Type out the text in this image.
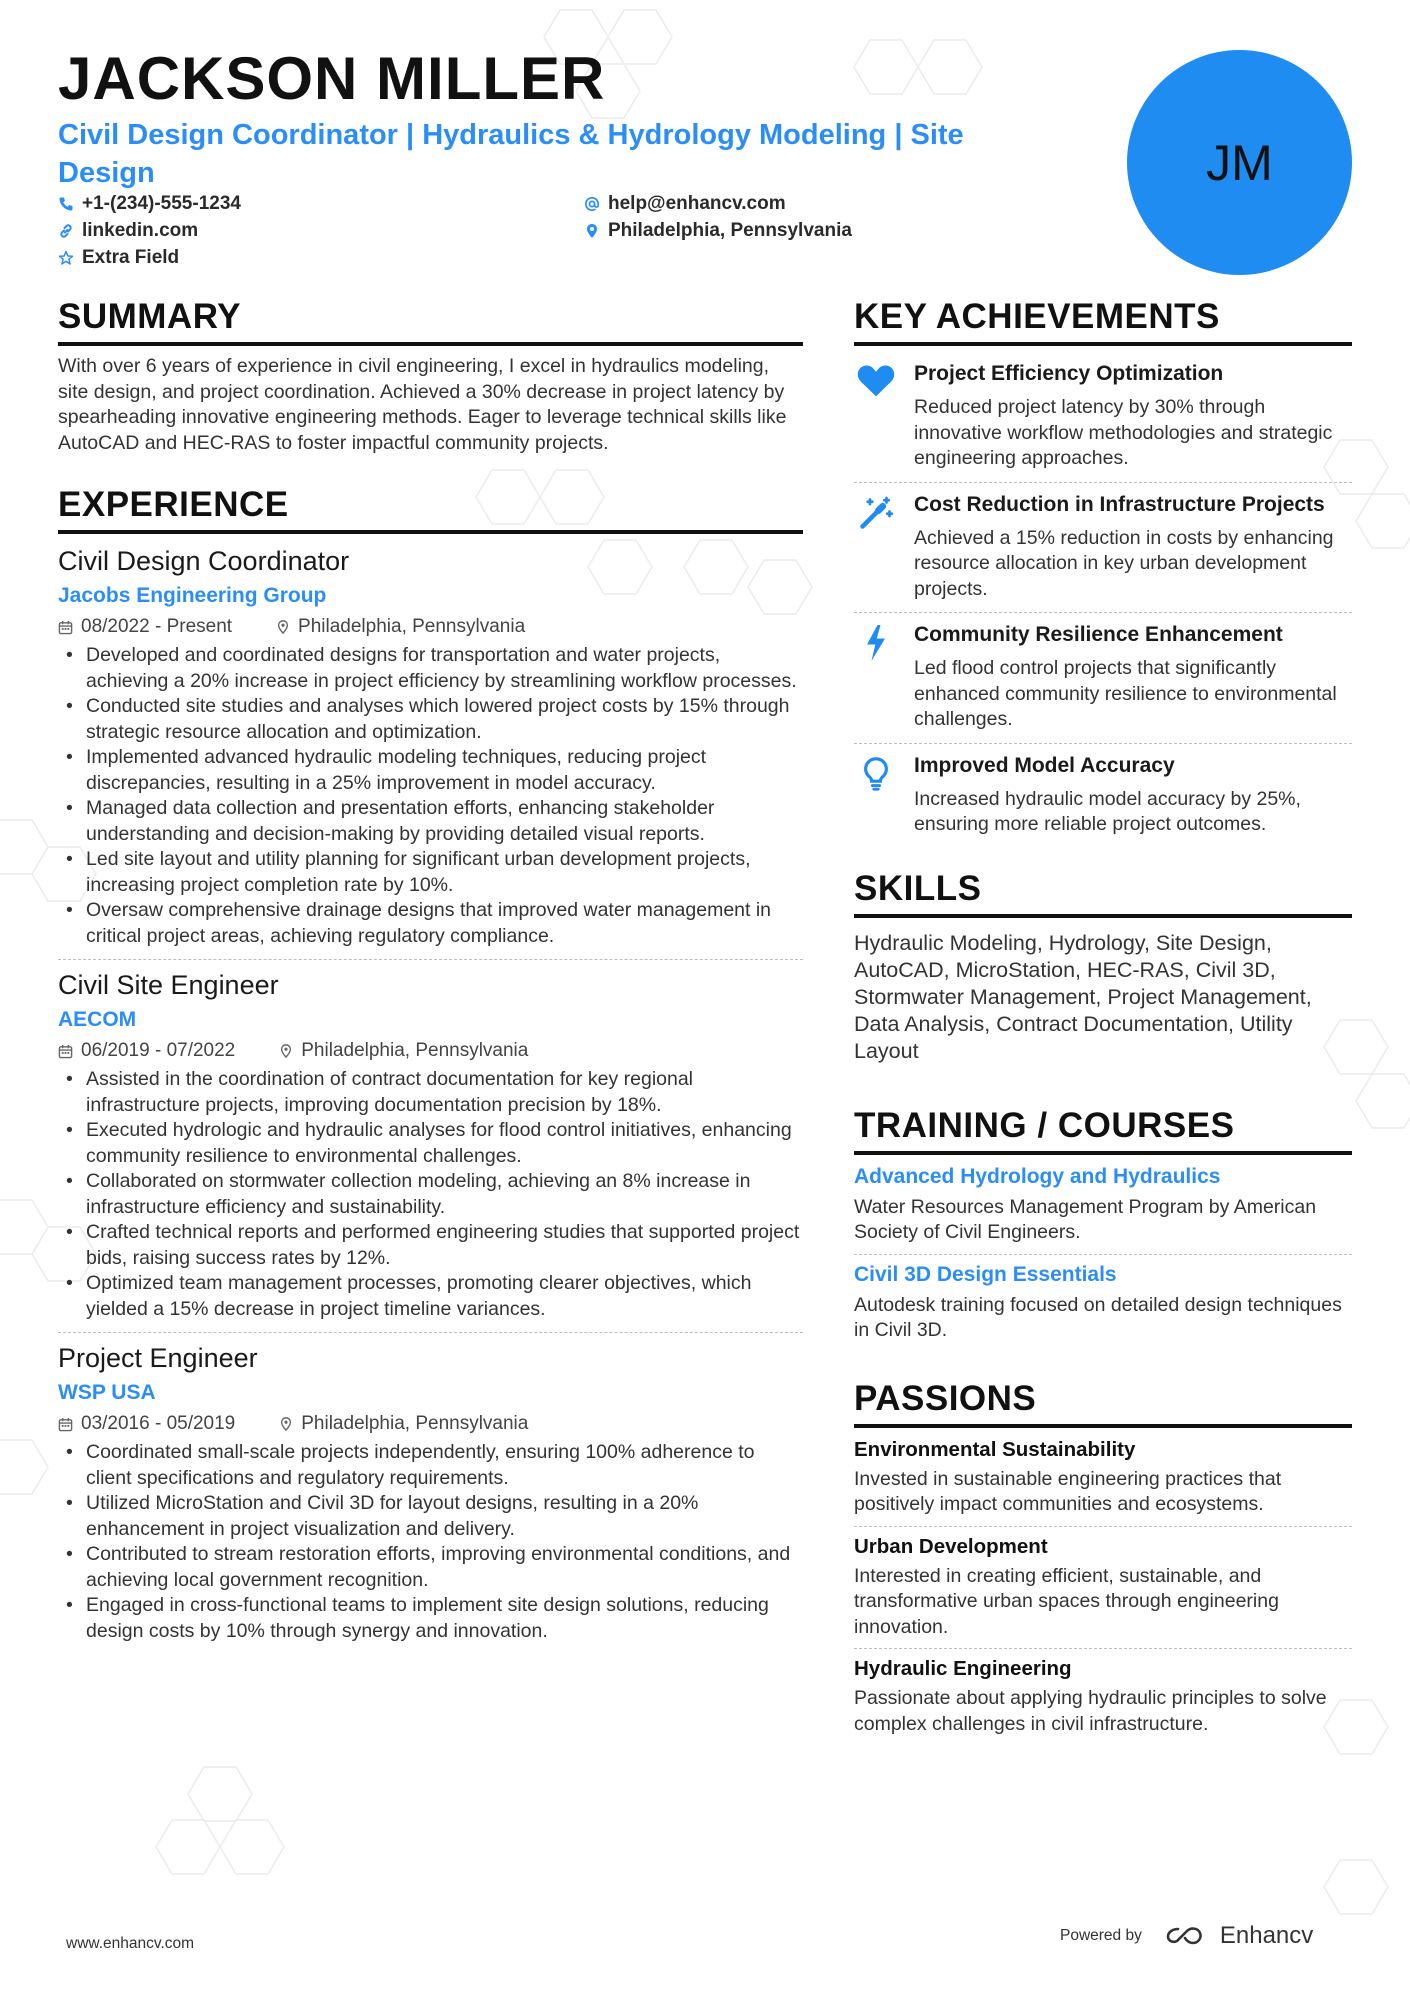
JACKSON MILLER
Civil Design Coordinator | Hydraulics & Hydrology Modeling | Site Design
+1-(234)-555-1234
linkedin.com
Extra Field
help@enhancv.com
Philadelphia, Pennsylvania
JM
SUMMARY

With over 6 years of experience in civil engineering, I excel in hydraulics modeling, site design, and project coordination. Achieved a 30% decrease in project latency by spearheading innovative engineering methods. Eager to leverage technical skills like AutoCAD and HEC-RAS to foster impactful community projects.

EXPERIENCE
Civil Design Coordinator
Jacobs Engineering Group
08/2022 - Present	Philadelphia, Pennsylvania
• Developed and coordinated designs for transportation and water projects, achieving a 20% increase in project efficiency by streamlining workflow processes.
• Conducted site studies and analyses which lowered project costs by 15% through strategic resource allocation and optimization.
• Implemented advanced hydraulic modeling techniques, reducing project discrepancies, resulting in a 25% improvement in model accuracy.
• Managed data collection and presentation efforts, enhancing stakeholder understanding and decision-making by providing detailed visual reports.
• Led site layout and utility planning for significant urban development projects, increasing project completion rate by 10%.
• Oversaw comprehensive drainage designs that improved water management in critical project areas, achieving regulatory compliance.
Civil Site Engineer
AECOM
06/2019 - 07/2022	Philadelphia, Pennsylvania
• Assisted in the coordination of contract documentation for key regional infrastructure projects, improving documentation precision by 18%.
• Executed hydrologic and hydraulic analyses for flood control initiatives, enhancing community resilience to environmental challenges.
• Collaborated on stormwater collection modeling, achieving an 8% increase in infrastructure efficiency and sustainability.
• Crafted technical reports and performed engineering studies that supported project bids, raising success rates by 12%.
• Optimized team management processes, promoting clearer objectives, which yielded a 15% decrease in project timeline variances.
Project Engineer
WSP USA
03/2016 - 05/2019	Philadelphia, Pennsylvania
• Coordinated small-scale projects independently, ensuring 100% adherence to client specifications and regulatory requirements.
• Utilized MicroStation and Civil 3D for layout designs, resulting in a 20% enhancement in project visualization and delivery.
• Contributed to stream restoration efforts, improving environmental conditions, and achieving local government recognition.
• Engaged in cross-functional teams to implement site design solutions, reducing design costs by 10% through synergy and innovation.
KEY ACHIEVEMENTS
Project Efficiency Optimization
Reduced project latency by 30% through innovative workflow methodologies and strategic engineering approaches.
Cost Reduction in Infrastructure Projects
Achieved a 15% reduction in costs by enhancing resource allocation in key urban development projects.
Community Resilience Enhancement
Led flood control projects that significantly enhanced community resilience to environmental challenges.
Improved Model Accuracy
Increased hydraulic model accuracy by 25%, ensuring more reliable project outcomes.
SKILLS
Hydraulic Modeling, Hydrology, Site Design, AutoCAD, MicroStation, HEC-RAS, Civil 3D, Stormwater Management, Project Management, Data Analysis, Contract Documentation, Utility Layout
TRAINING / COURSES
Advanced Hydrology and Hydraulics
Water Resources Management Program by American Society of Civil Engineers.
Civil 3D Design Essentials
Autodesk training focused on detailed design techniques in Civil 3D.
PASSIONS
Environmental Sustainability
Invested in sustainable engineering practices that positively impact communities and ecosystems.
Urban Development
Interested in creating efficient, sustainable, and transformative urban spaces through engineering innovation.
Hydraulic Engineering
Passionate about applying hydraulic principles to solve complex challenges in civil infrastructure.
www.enhancv.com	Powered by	Enhancv
